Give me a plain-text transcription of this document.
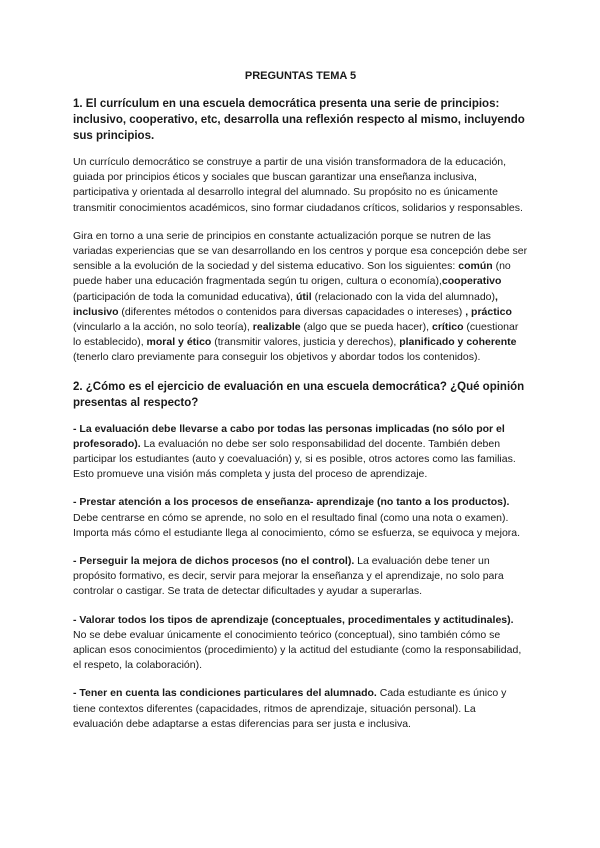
PREGUNTAS TEMA 5
1. El currículum en una escuela democrática presenta una serie de principios: inclusivo, cooperativo, etc, desarrolla una reflexión respecto al mismo, incluyendo sus principios.
Un currículo democrático se construye a partir de una visión transformadora de la educación, guiada por principios éticos y sociales que buscan garantizar una enseñanza inclusiva, participativa y orientada al desarrollo integral del alumnado. Su propósito no es únicamente transmitir conocimientos académicos, sino formar ciudadanos críticos, solidarios y responsables.
Gira en torno a una serie de principios en constante actualización porque se nutren de las variadas experiencias que se van desarrollando en los centros y porque esa concepción debe ser sensible a la evolución de la sociedad y del sistema educativo. Son los siguientes: común (no puede haber una educación fragmentada según tu origen, cultura o economía),cooperativo (participación de toda la comunidad educativa), útil (relacionado con la vida del alumnado), inclusivo (diferentes métodos o contenidos para diversas capacidades o intereses) , práctico (vincularlo a la acción, no solo teoría), realizable (algo que se pueda hacer), crítico (cuestionar lo establecido), moral y ético (transmitir valores, justicia y derechos), planificado y coherente (tenerlo claro previamente para conseguir los objetivos y abordar todos los contenidos).
2. ¿Cómo es el ejercicio de evaluación en una escuela democrática? ¿Qué opinión presentas al respecto?
- La evaluación debe llevarse a cabo por todas las personas implicadas (no sólo por el profesorado). La evaluación no debe ser solo responsabilidad del docente. También deben participar los estudiantes (auto y coevaluación) y, si es posible, otros actores como las familias. Esto promueve una visión más completa y justa del proceso de aprendizaje.
- Prestar atención a los procesos de enseñanza- aprendizaje (no tanto a los productos). Debe centrarse en cómo se aprende, no solo en el resultado final (como una nota o examen). Importa más cómo el estudiante llega al conocimiento, cómo se esfuerza, se equivoca y mejora.
- Perseguir la mejora de dichos procesos (no el control). La evaluación debe tener un propósito formativo, es decir, servir para mejorar la enseñanza y el aprendizaje, no solo para controlar o castigar. Se trata de detectar dificultades y ayudar a superarlas.
- Valorar todos los tipos de aprendizaje (conceptuales, procedimentales y actitudinales). No se debe evaluar únicamente el conocimiento teórico (conceptual), sino también cómo se aplican esos conocimientos (procedimiento) y la actitud del estudiante (como la responsabilidad, el respeto, la colaboración).
- Tener en cuenta las condiciones particulares del alumnado. Cada estudiante es único y tiene contextos diferentes (capacidades, ritmos de aprendizaje, situación personal). La evaluación debe adaptarse a estas diferencias para ser justa e inclusiva.
